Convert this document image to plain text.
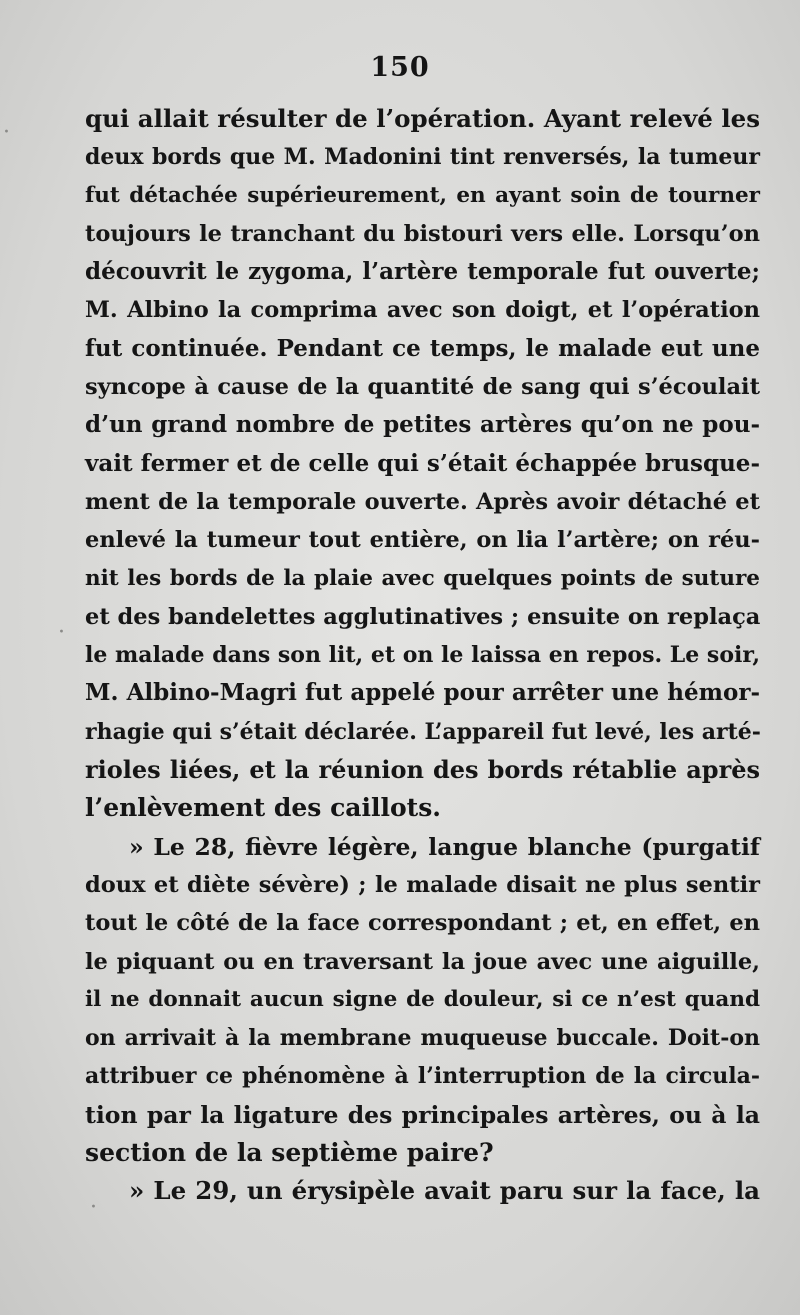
150
qui allait résulter de l’opération. Ayant relevé les
deux bords que M. Madonini tint renversés, la tumeur
fut détachée supérieurement, en ayant soin de tourner
toujours le tranchant du bistouri vers elle. Lorsqu’on
découvrit le zygoma, l’artère temporale fut ouverte;
M. Albino la comprima avec son doigt, et l’opération
fut continuée. Pendant ce temps, le malade eut une
syncope à cause de la quantité de sang qui s’écoulait
d’un grand nombre de petites artères qu’on ne pou-
vait fermer et de celle qui s’était échappée brusque-
ment de la temporale ouverte. Après avoir détaché et
enlevé la tumeur tout entière, on lia l’artère; on réu-
nit les bords de la plaie avec quelques points de suture
et des bandelettes agglutinatives ; ensuite on replaça
le malade dans son lit, et on le laissa en repos. Le soir,
M. Albino-Magri fut appelé pour arrêter une hémor-
rhagie qui s’était déclarée. L’appareil fut levé, les arté-
rioles liées, et la réunion des bords rétablie après
l’enlèvement des caillots.
» Le 28, fièvre légère, langue blanche (purgatif
doux et diète sévère) ; le malade disait ne plus sentir
tout le côté de la face correspondant ; et, en effet, en
le piquant ou en traversant la joue avec une aiguille,
il ne donnait aucun signe de douleur, si ce n’est quand
on arrivait à la membrane muqueuse buccale. Doit-on
attribuer ce phénomène à l’interruption de la circula-
tion par la ligature des principales artères, ou à la
section de la septième paire?
» Le 29, un érysipèle avait paru sur la face, la
·
·
·
